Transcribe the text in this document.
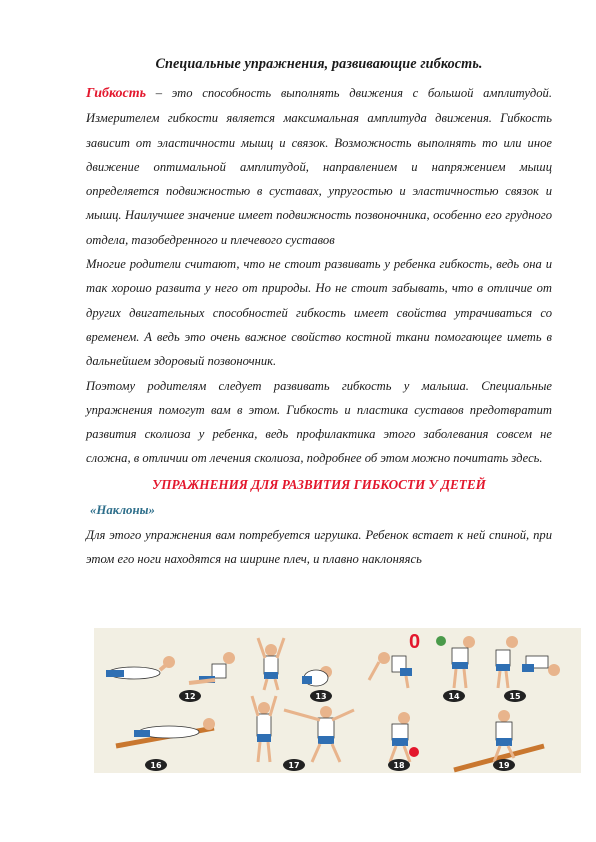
Специальные упражнения, развивающие гибкость.

Гибкость – это способность выполнять движения с большой амплитудой. Измерителем гибкости является максимальная амплитуда движения. Гибкость зависит от эластичности мышц и связок. Возможность выполнять то или иное движение оптимальной амплитудой, направлением и напряжением мышц определяется подвижностью в суставах, упругостью и эластичностью связок и мышц. Наилучшее значение имеет подвижность позвоночника, особенно его грудного отдела, тазобедренного и плечевого суставов

Многие родители считают, что не стоит развивать у ребенка гибкость, ведь она и так хорошо развита у него от природы. Но не стоит забывать, что в отличие от других двигательных способностей гибкость имеет свойства утрачиваться со временем. А ведь это очень важное свойство костной ткани помогающее иметь в дальнейшем здоровый позвоночник.

Поэтому родителям следует развивать гибкость у малыша. Специальные упражнения помогут вам в этом. Гибкость и пластика суставов предотвратит развития сколиоза у ребенка, ведь профилактика этого заболевания совсем не сложна, в отличии от лечения сколиоза, подробнее об этом можно почитать здесь.

УПРАЖНЕНИЯ ДЛЯ РАЗВИТИЯ ГИБКОСТИ У ДЕТЕЙ
«Наклоны»

Для этого упражнения вам потребуется игрушка. Ребенок встает к ней спиной, при этом его ноги находятся на ширине плеч, и плавно наклоняясь

0
12	13	14	15
16	17	18	19
